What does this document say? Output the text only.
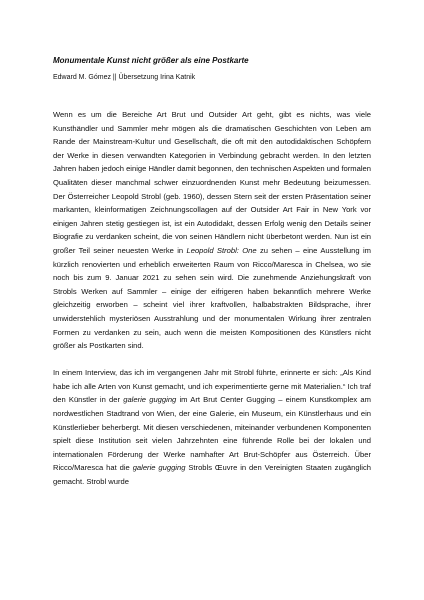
Monumentale Kunst nicht größer als eine Postkarte
Edward M. Gómez || Übersetzung Irina Katnik

Wenn es um die Bereiche Art Brut und Outsider Art geht, gibt es nichts, was viele Kunsthändler und Sammler mehr mögen als die dramatischen Geschichten von Leben am Rande der Mainstream-Kultur und Gesellschaft, die oft mit den autodidaktischen Schöpfern der Werke in diesen verwandten Kategorien in Verbindung gebracht werden. In den letzten Jahren haben jedoch einige Händler damit begonnen, den technischen Aspekten und formalen Qualitäten dieser manchmal schwer einzuordnenden Kunst mehr Bedeutung beizumessen. Der Österreicher Leopold Strobl (geb. 1960), dessen Stern seit der ersten Präsentation seiner markanten, kleinformatigen Zeichnungscollagen auf der Outsider Art Fair in New York vor einigen Jahren stetig gestiegen ist, ist ein Autodidakt, dessen Erfolg wenig den Details seiner Biografie zu verdanken scheint, die von seinen Händlern nicht überbetont werden. Nun ist ein großer Teil seiner neuesten Werke in Leopold Strobl: One zu sehen – eine Ausstellung im kürzlich renovierten und erheblich erweiterten Raum von Ricco/Maresca in Chelsea, wo sie noch bis zum 9. Januar 2021 zu sehen sein wird. Die zunehmende Anziehungskraft von Strobls Werken auf Sammler – einige der eifrigeren haben bekanntlich mehrere Werke gleichzeitig erworben – scheint viel ihrer kraftvollen, halbabstrakten Bildsprache, ihrer unwiderstehlich mysteriösen Ausstrahlung und der monumentalen Wirkung ihrer zentralen Formen zu verdanken zu sein, auch wenn die meisten Kompositionen des Künstlers nicht größer als Postkarten sind.

In einem Interview, das ich im vergangenen Jahr mit Strobl führte, erinnerte er sich: „Als Kind habe ich alle Arten von Kunst gemacht, und ich experimentierte gerne mit Materialien.“ Ich traf den Künstler in der galerie gugging im Art Brut Center Gugging – einem Kunstkomplex am nordwestlichen Stadtrand von Wien, der eine Galerie, ein Museum, ein Künstlerhaus und ein Künstlerlieber beherbergt. Mit diesen verschiedenen, miteinander verbundenen Komponenten spielt diese Institution seit vielen Jahrzehnten eine führende Rolle bei der lokalen und internationalen Förderung der Werke namhafter Art Brut-Schöpfer aus Österreich. Über Ricco/Maresca hat die galerie gugging Strobls Œuvre in den Vereinigten Staaten zugänglich gemacht. Strobl wurde
